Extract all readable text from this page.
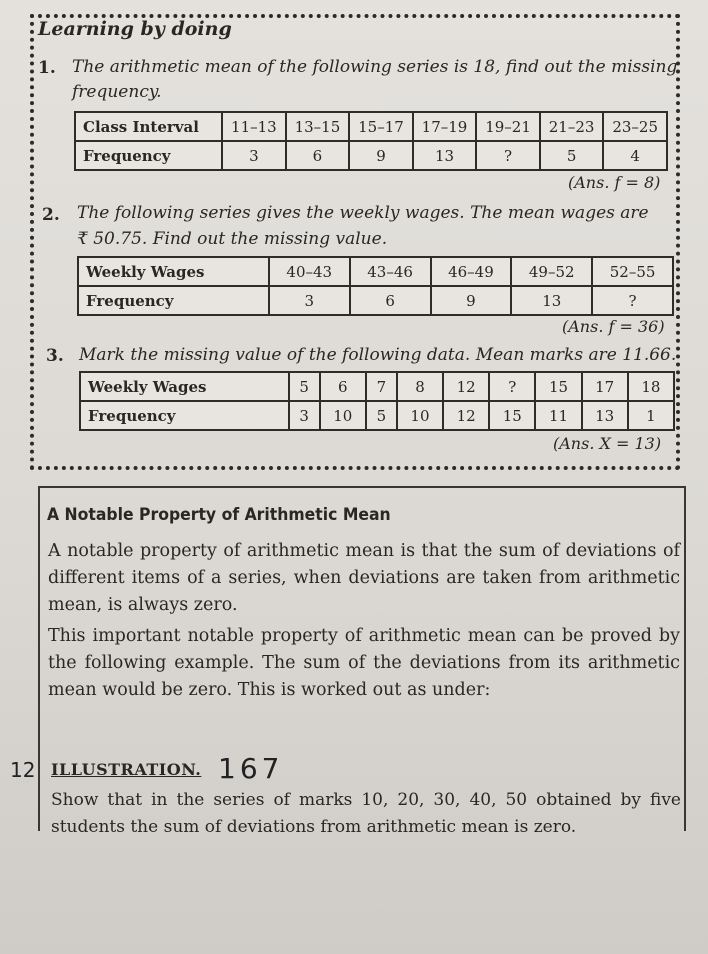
Learning by doing
1. The arithmetic mean of the following series is 18, find out the missing
frequency.
Class Interval	11–13	13–15	15–17	17–19	19–21	21–23	23–25
Frequency	3	6	9	13	?	5	4
(Ans. f = 8)
2. The following series gives the weekly wages. The mean wages are
₹ 50.75. Find out the missing value.
Weekly Wages	40–43	43–46	46–49	49–52	52–55
Frequency	3	6	9	13	?
(Ans. f = 36)
3. Mark the missing value of the following data. Mean marks are 11.66.
Weekly Wages	5	6	7	8	12	?	15	17	18
Frequency	3	10	5	10	12	15	11	13	1
(Ans. X = 13)
A Notable Property of Arithmetic Mean
A notable property of arithmetic mean is that the sum of deviations of different items of a series, when deviations are taken from arithmetic mean, is always zero.
This important notable property of arithmetic mean can be proved by the following example. The sum of the deviations from its arithmetic mean would be zero. This is worked out as under:
ILLUSTRATION.
Show that in the series of marks 10, 20, 30, 40, 50 obtained by five students the sum of deviations from arithmetic mean is zero.
12	167
